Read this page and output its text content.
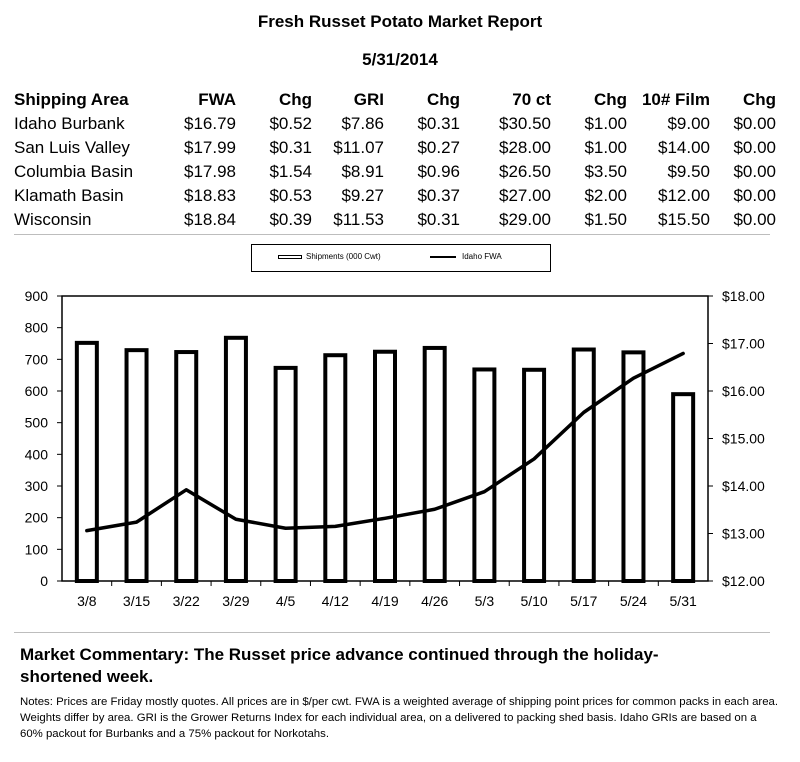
Fresh Russet Potato Market Report
5/31/2014
Shipping Area	FWA	Chg	GRI	Chg	70 ct	Chg	10# Film	Chg
Idaho Burbank	$16.79	$0.52	$7.86	$0.31	$30.50	$1.00	$9.00	$0.00
San Luis Valley	$17.99	$0.31	$11.07	$0.27	$28.00	$1.00	$14.00	$0.00
Columbia Basin	$17.98	$1.54	$8.91	$0.96	$26.50	$3.50	$9.50	$0.00
Klamath Basin	$18.83	$0.53	$9.27	$0.37	$27.00	$2.00	$12.00	$0.00
Wisconsin	$18.84	$0.39	$11.53	$0.31	$29.00	$1.50	$15.50	$0.00
Shipments (000 Cwt)	Idaho FWA
0
100
200
300
400
500
600
700
800
900
$12.00
$13.00
$14.00
$15.00
$16.00
$17.00
$18.00
3/8 3/15 3/22 3/29 4/5 4/12 4/19 4/26 5/3 5/10 5/17 5/24 5/31
Market Commentary: The Russet price advance continued through the holiday-shortened week.
Notes: Prices are Friday mostly quotes. All prices are in $/per cwt. FWA is a weighted average of shipping point prices for common packs in each area. Weights differ by area. GRI is the Grower Returns Index for each individual area, on a delivered to packing shed basis. Idaho GRIs are based on a 60% packout for Burbanks and a 75% packout for Norkotahs.
